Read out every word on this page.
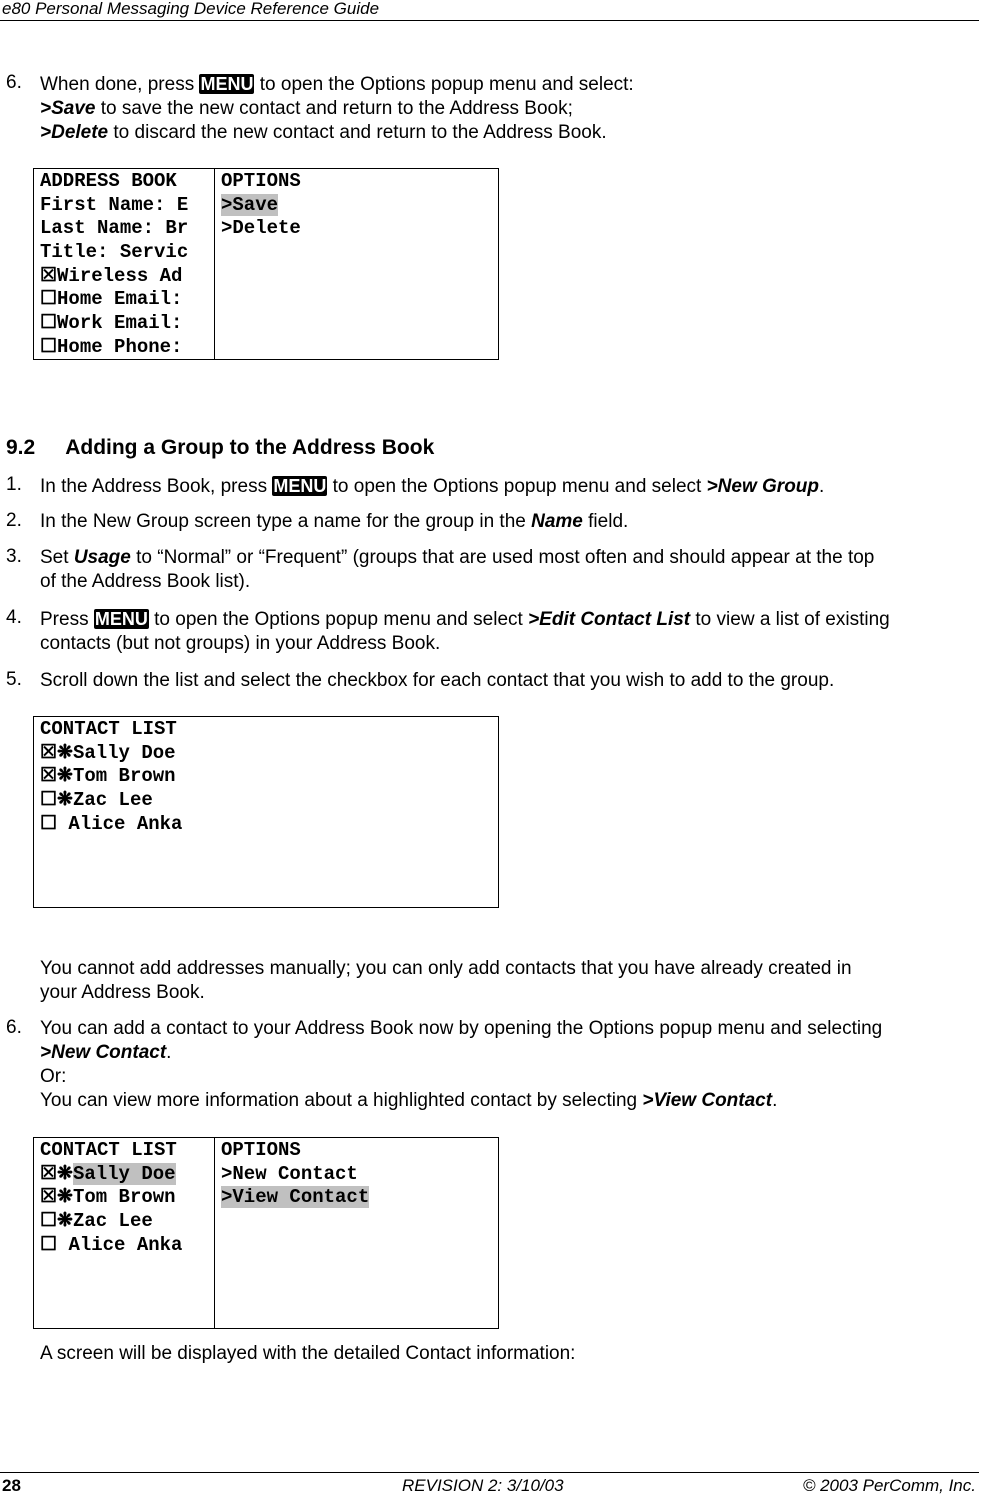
e80 Personal Messaging Device Reference Guide
6. When done, press MENU to open the Options popup menu and select:
>Save to save the new contact and return to the Address Book;
>Delete to discard the new contact and return to the Address Book.
ADDRESS BOOK
First Name: E
Last Name: Br
Title: Servic
☒Wireless Ad
☐Home Email:
☐Work Email:
☐Home Phone:
OPTIONS
>Save
>Delete
9.2 Adding a Group to the Address Book
1. In the Address Book, press MENU to open the Options popup menu and select >New Group.
2. In the New Group screen type a name for the group in the Name field.
3. Set Usage to “Normal” or “Frequent” (groups that are used most often and should appear at the top
of the Address Book list).
4. Press MENU to open the Options popup menu and select >Edit Contact List to view a list of existing
contacts (but not groups) in your Address Book.
5. Scroll down the list and select the checkbox for each contact that you wish to add to the group.
CONTACT LIST
☒❋Sally Doe
☒❋Tom Brown
☐❋Zac Lee
☐ Alice Anka
You cannot add addresses manually; you can only add contacts that you have already created in
your Address Book.
6. You can add a contact to your Address Book now by opening the Options popup menu and selecting
>New Contact.
Or:
You can view more information about a highlighted contact by selecting >View Contact.
CONTACT LIST
☒❋Sally Doe
☒❋Tom Brown
☐❋Zac Lee
☐ Alice Anka
OPTIONS
>New Contact
>View Contact
A screen will be displayed with the detailed Contact information:
28	REVISION 2: 3/10/03	© 2003 PerComm, Inc.
